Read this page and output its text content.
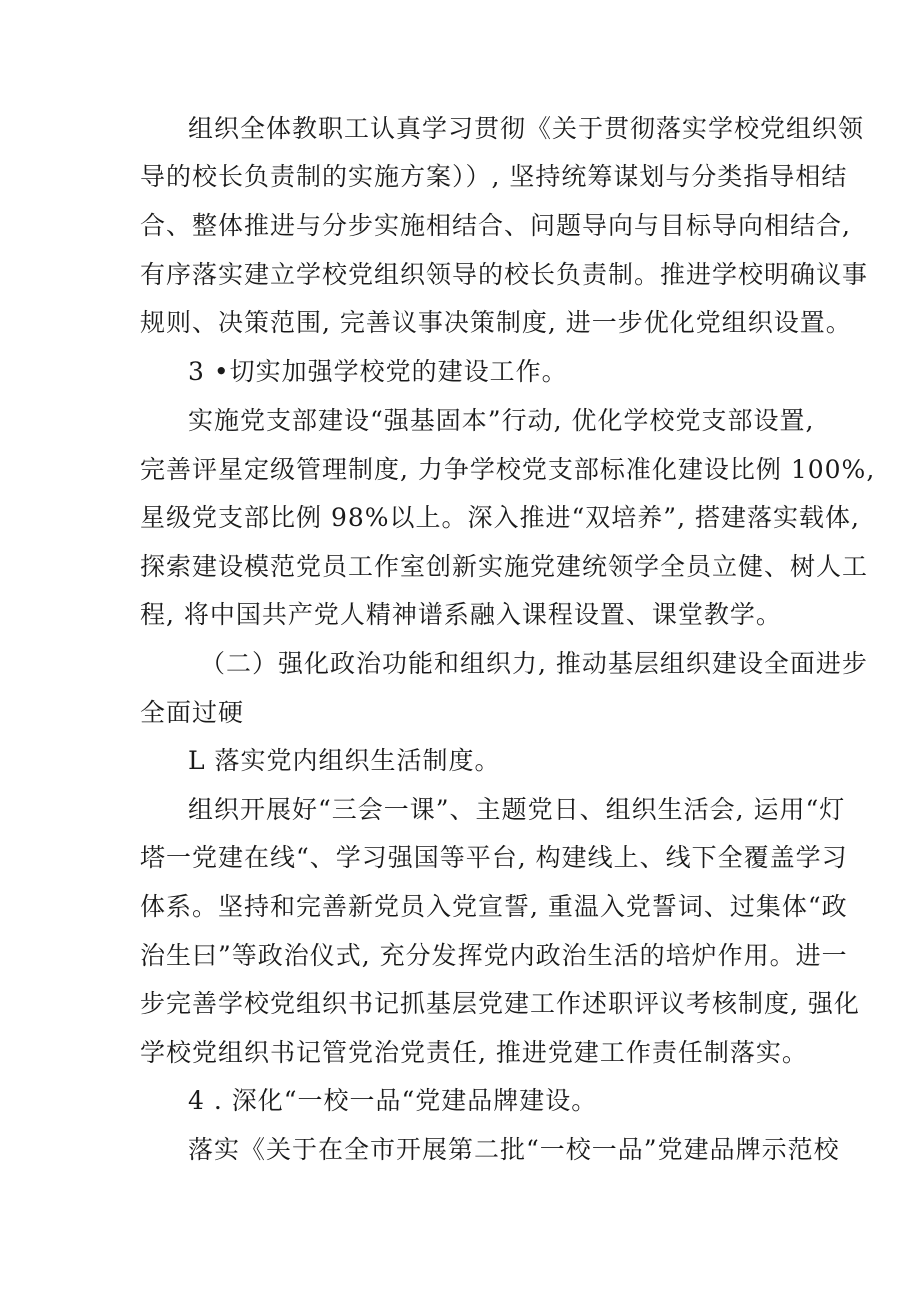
组织全体教职工认真学习贯彻《关于贯彻落实学校党组织领
导的校长负责制的实施方案））, 坚持统筹谋划与分类指导相结
合、整体推进与分步实施相结合、问题导向与目标导向相结合,
有序落实建立学校党组织领导的校长负责制。推进学校明确议事
规则、决策范围, 完善议事决策制度, 进一步优化党组织设置。
3 •切实加强学校党的建设工作。
实施党支部建设“强基固本”行动, 优化学校党支部设置,
完善评星定级管理制度, 力争学校党支部标准化建设比例 100%,
星级党支部比例 98%以上。深入推进“双培养”, 搭建落实载体,
探索建设模范党员工作室创新实施党建统领学全员立健、树人工
程, 将中国共产党人精神谱系融入课程设置、课堂教学。
（二）强化政治功能和组织力, 推动基层组织建设全面进步
全面过硬
L 落实党内组织生活制度。
组织开展好“三会一课”、主题党日、组织生活会, 运用“灯
塔一党建在线“、学习强国等平台, 构建线上、线下全覆盖学习
体系。坚持和完善新党员入党宣誓, 重温入党誓词、过集体“政
治生曰”等政治仪式, 充分发挥党内政治生活的培炉作用。进一
步完善学校党组织书记抓基层党建工作述职评议考核制度, 强化
学校党组织书记管党治党责任, 推进党建工作责任制落实。
4 . 深化“一校一品“党建品牌建设。
落实《关于在全市开展第二批“一校一品”党建品牌示范校
